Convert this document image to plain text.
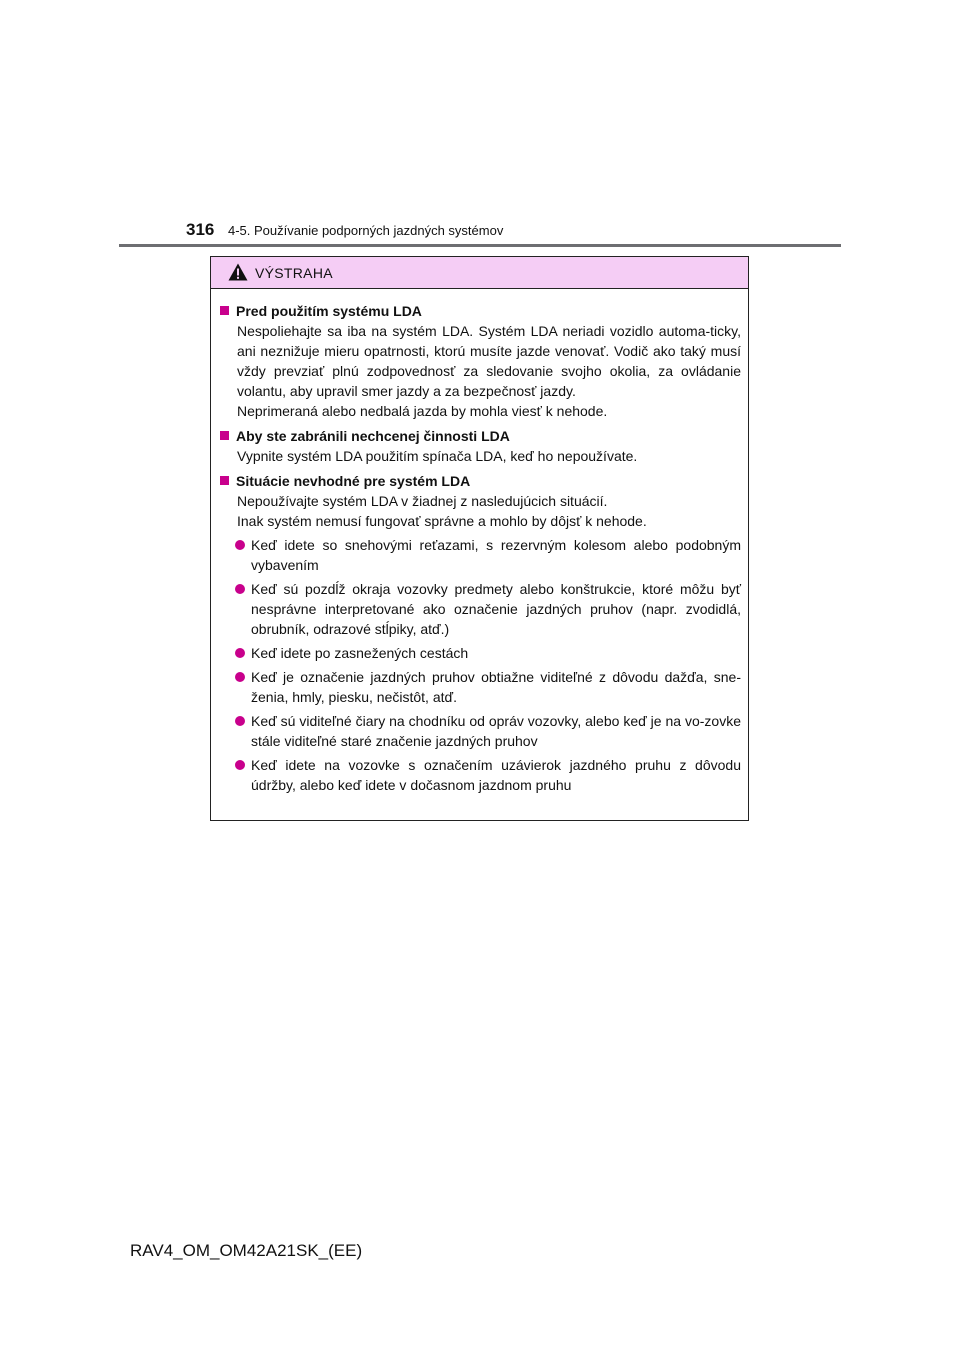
316 4-5. Používanie podporných jazdných systémov
VÝSTRAHA
Pred použitím systému LDA
Nespoliehajte sa iba na systém LDA. Systém LDA neriadi vozidlo automa-ticky, ani neznižuje mieru opatrnosti, ktorú musíte jazde venovať. Vodič ako taký musí vždy prevziať plnú zodpovednosť za sledovanie svojho okolia, za ovládanie volantu, aby upravil smer jazdy a za bezpečnosť jazdy.
Neprimeraná alebo nedbalá jazda by mohla viesť k nehode.
Aby ste zabránili nechcenej činnosti LDA
Vypnite systém LDA použitím spínača LDA, keď ho nepoužívate.
Situácie nevhodné pre systém LDA
Nepoužívajte systém LDA v žiadnej z nasledujúcich situácií.
Inak systém nemusí fungovať správne a mohlo by dôjsť k nehode.
Keď idete so snehovými reťazami, s rezervným kolesom alebo podobným vybavením
Keď sú pozdĺž okraja vozovky predmety alebo konštrukcie, ktoré môžu byť nesprávne interpretované ako označenie jazdných pruhov (napr. zvodidlá, obrubník, odrazové stĺpiky, atď.)
Keď idete po zasnežených cestách
Keď je označenie jazdných pruhov obtiažne viditeľné z dôvodu dažďa, sne-ženia, hmly, piesku, nečistôt, atď.
Keď sú viditeľné čiary na chodníku od opráv vozovky, alebo keď je na vo-zovke stále viditeľné staré značenie jazdných pruhov
Keď idete na vozovke s označením uzávierok jazdného pruhu z dôvodu údržby, alebo keď idete v dočasnom jazdnom pruhu
RAV4_OM_OM42A21SK_(EE)
